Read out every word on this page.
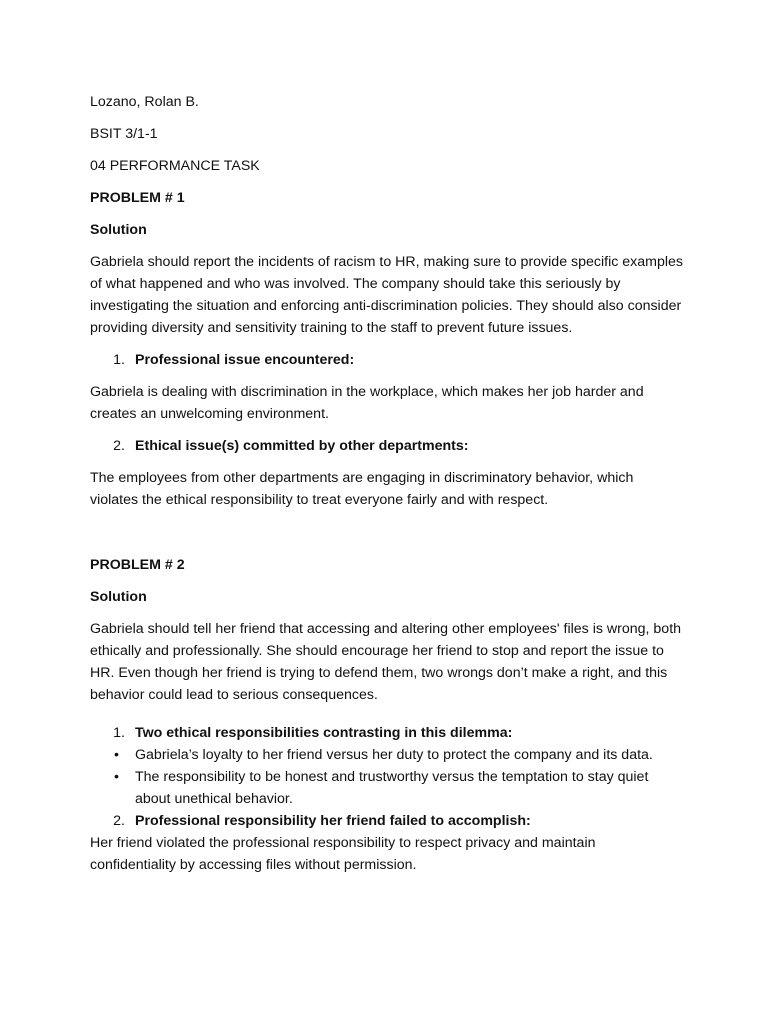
Lozano, Rolan B.

BSIT 3/1-1

04 PERFORMANCE TASK

PROBLEM # 1

Solution

Gabriela should report the incidents of racism to HR, making sure to provide specific examples of what happened and who was involved. The company should take this seriously by investigating the situation and enforcing anti-discrimination policies. They should also consider providing diversity and sensitivity training to the staff to prevent future issues.

1. Professional issue encountered:

Gabriela is dealing with discrimination in the workplace, which makes her job harder and creates an unwelcoming environment.

2. Ethical issue(s) committed by other departments:

The employees from other departments are engaging in discriminatory behavior, which violates the ethical responsibility to treat everyone fairly and with respect.

PROBLEM # 2

Solution

Gabriela should tell her friend that accessing and altering other employees' files is wrong, both ethically and professionally. She should encourage her friend to stop and report the issue to HR. Even though her friend is trying to defend them, two wrongs don’t make a right, and this behavior could lead to serious consequences.

1. Two ethical responsibilities contrasting in this dilemma:
• Gabriela’s loyalty to her friend versus her duty to protect the company and its data.
• The responsibility to be honest and trustworthy versus the temptation to stay quiet about unethical behavior.
2. Professional responsibility her friend failed to accomplish:

Her friend violated the professional responsibility to respect privacy and maintain confidentiality by accessing files without permission.
